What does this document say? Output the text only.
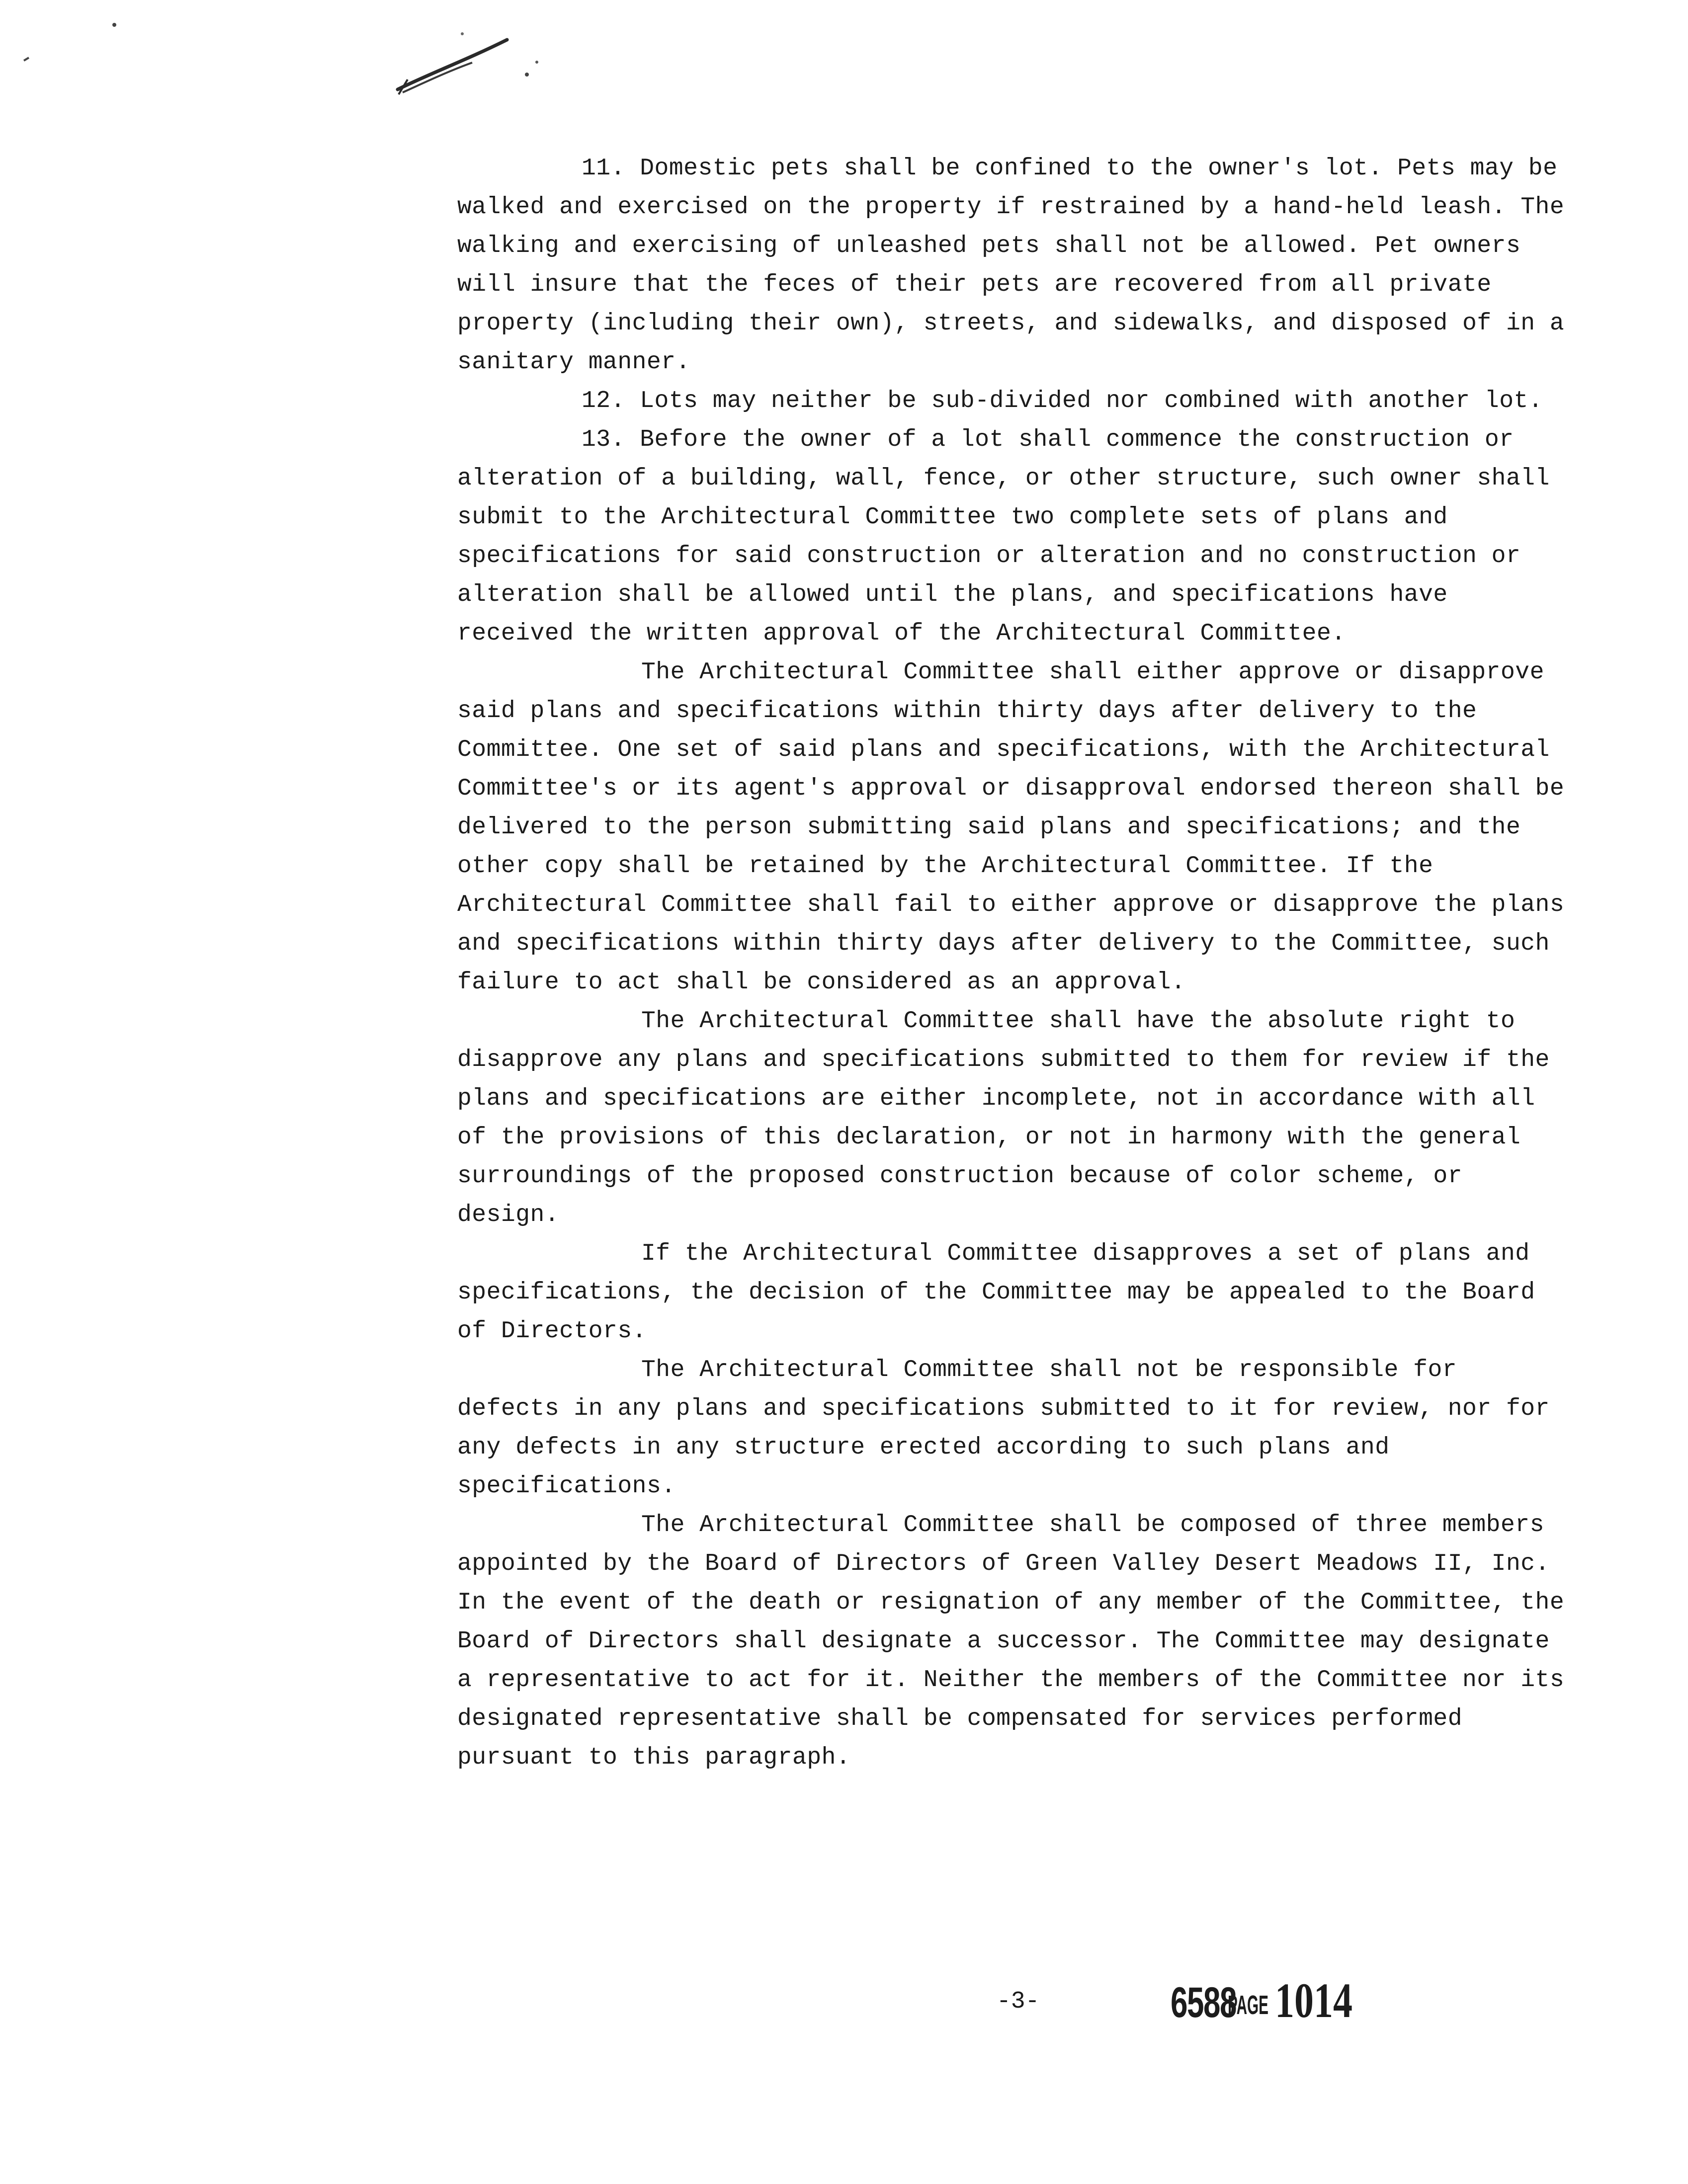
11. Domestic pets shall be confined to the owner's lot. Pets may be walked and exercised on the property if restrained by a hand-held leash. The walking and exercising of unleashed pets shall not be allowed. Pet owners will insure that the feces of their pets are recovered from all private property (including their own), streets, and sidewalks, and disposed of in a sanitary manner.

12. Lots may neither be sub-divided nor combined with another lot.

13. Before the owner of a lot shall commence the construction or alteration of a building, wall, fence, or other structure, such owner shall submit to the Architectural Committee two complete sets of plans and specifications for said construction or alteration and no construction or alteration shall be allowed until the plans, and specifications have received the written approval of the Architectural Committee.

The Architectural Committee shall either approve or disapprove said plans and specifications within thirty days after delivery to the Committee. One set of said plans and specifications, with the Architectural Committee's or its agent's approval or disapproval endorsed thereon shall be delivered to the person submitting said plans and specifications; and the other copy shall be retained by the Architectural Committee. If the Architectural Committee shall fail to either approve or disapprove the plans and specifications within thirty days after delivery to the Committee, such failure to act shall be considered as an approval.

The Architectural Committee shall have the absolute right to disapprove any plans and specifications submitted to them for review if the plans and specifications are either incomplete, not in accordance with all of the provisions of this declaration, or not in harmony with the general surroundings of the proposed construction because of color scheme, or design.

If the Architectural Committee disapproves a set of plans and specifications, the decision of the Committee may be appealed to the Board of Directors.

The Architectural Committee shall not be responsible for defects in any plans and specifications submitted to it for review, nor for any defects in any structure erected according to such plans and specifications.

The Architectural Committee shall be composed of three members appointed by the Board of Directors of Green Valley Desert Meadows II, Inc. In the event of the death or resignation of any member of the Committee, the Board of Directors shall designate a successor. The Committee may designate a representative to act for it. Neither the members of the Committee nor its designated representative shall be compensated for services performed pursuant to this paragraph.

-3-	6588PAGE 1014
